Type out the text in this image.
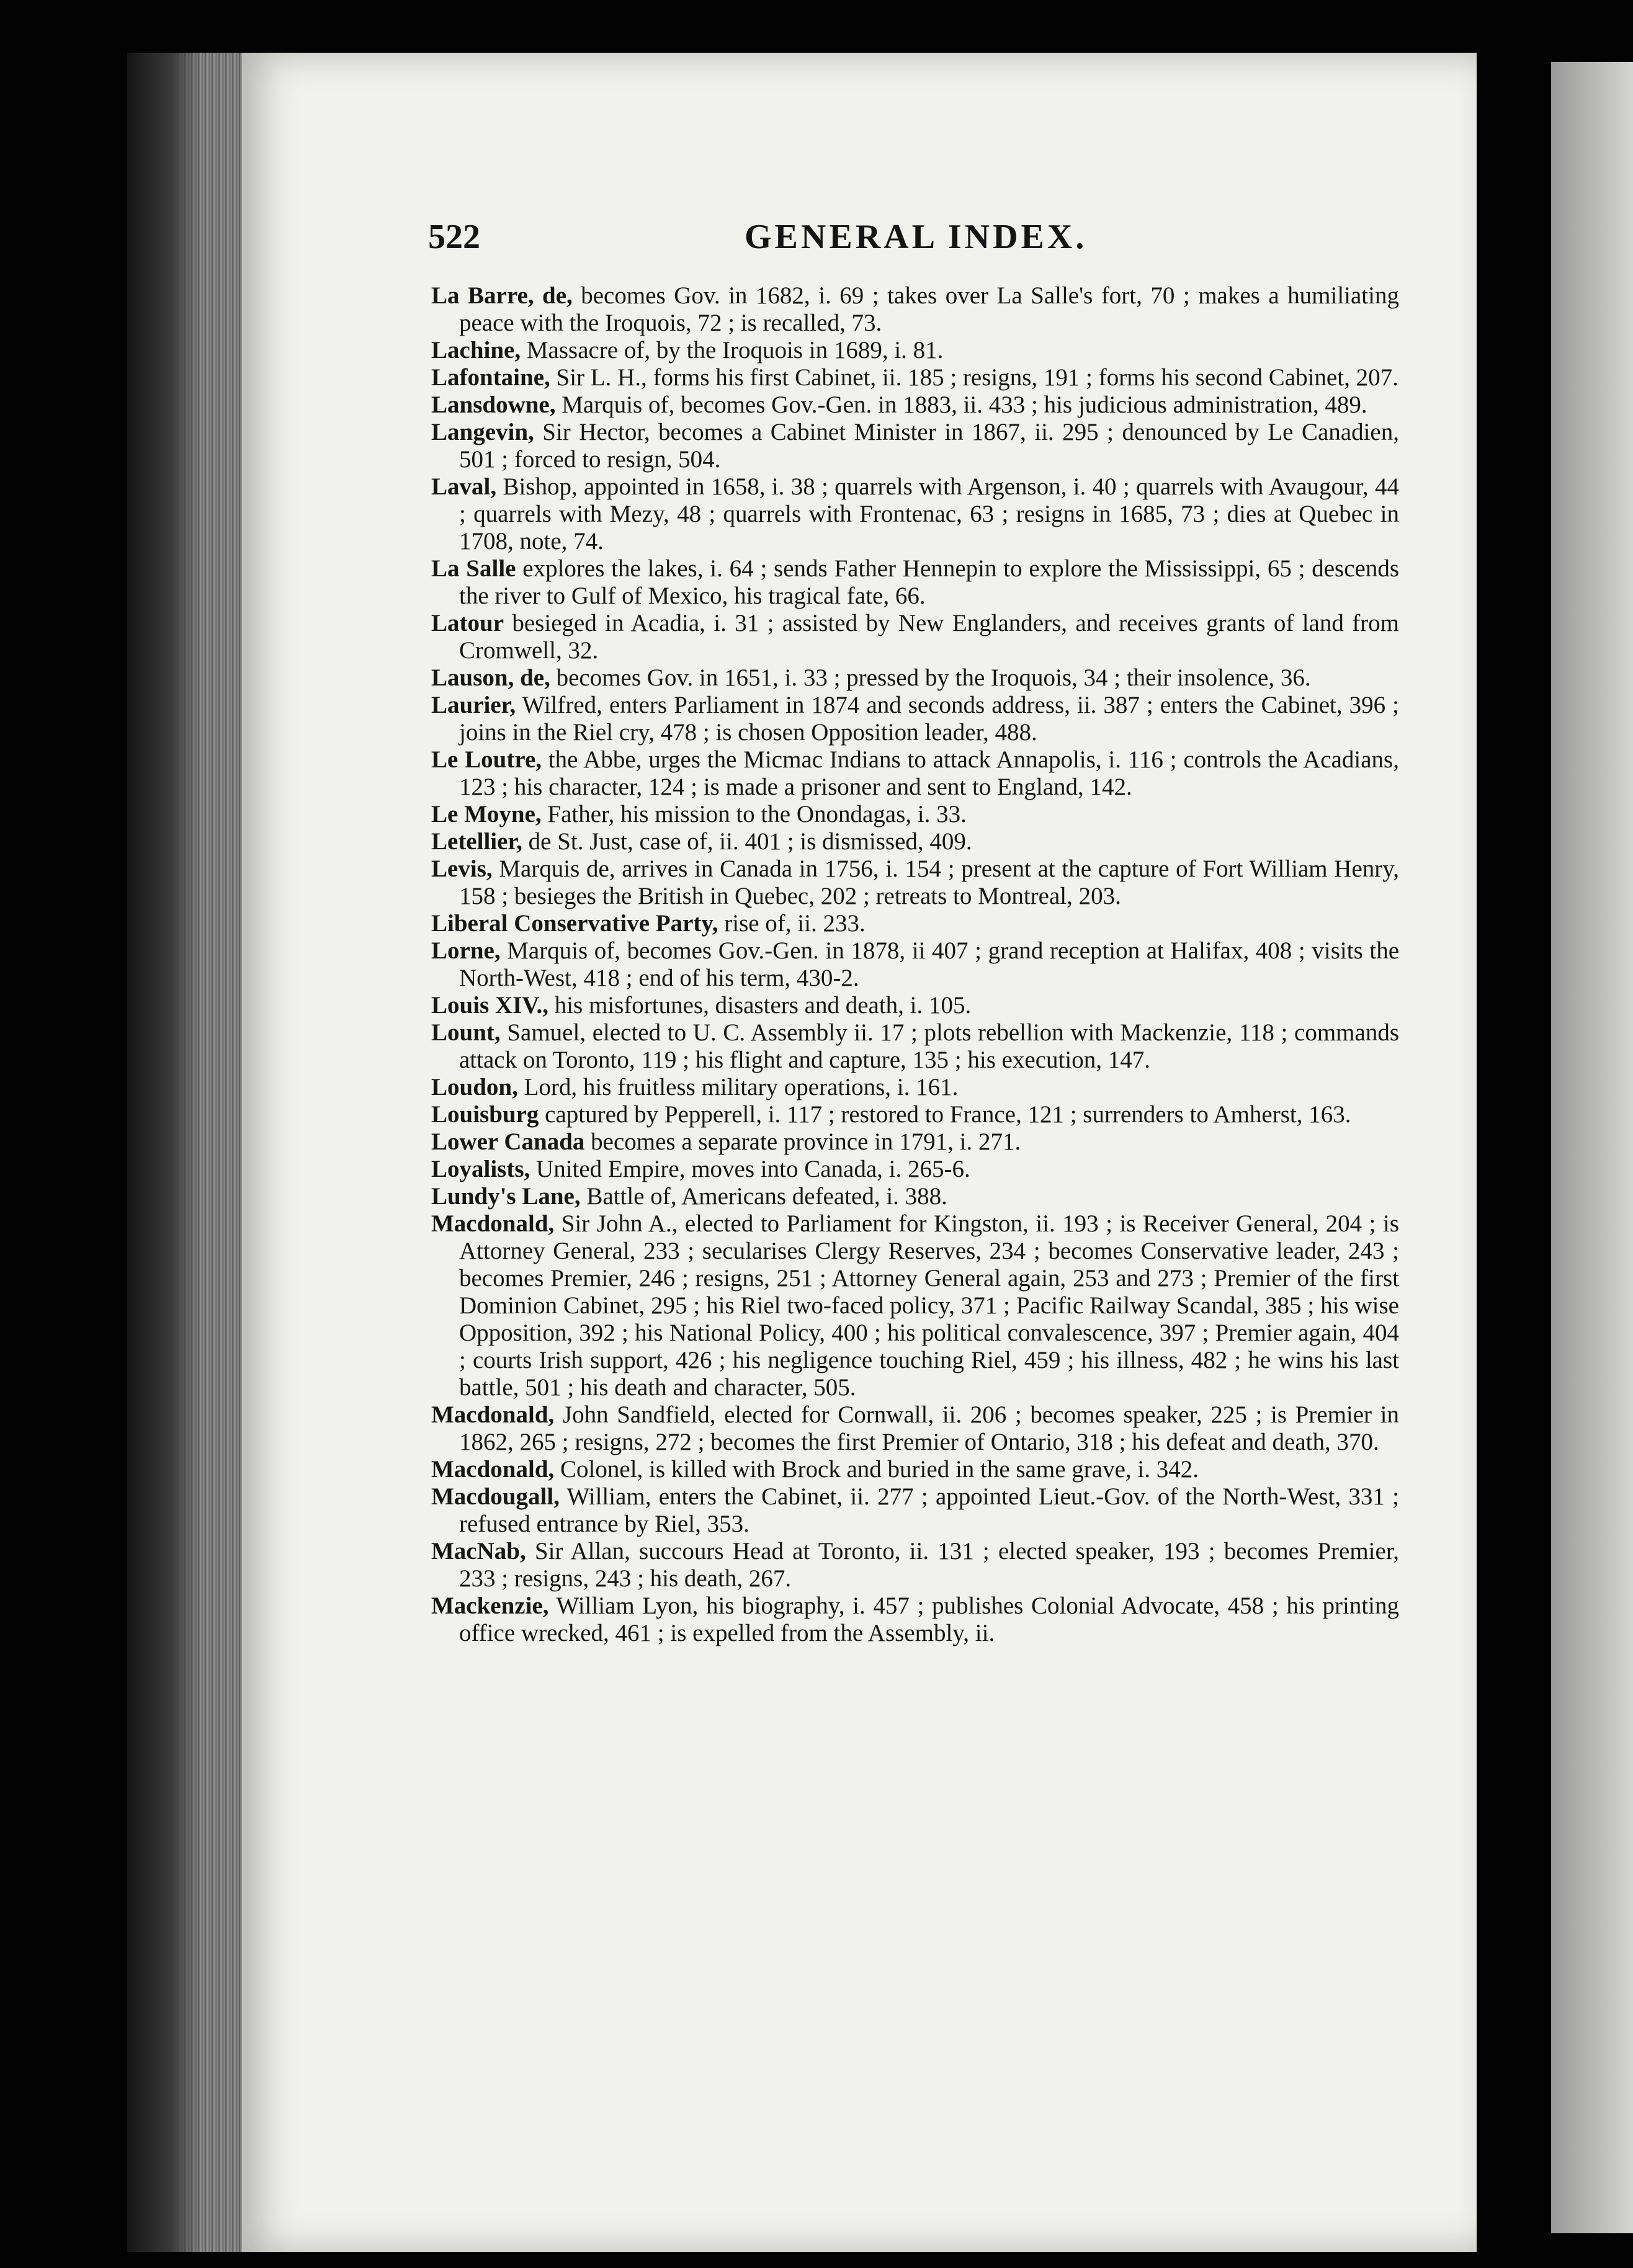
522	GENERAL INDEX.

La Barre, de, becomes Gov. in 1682, i. 69 ; takes over La Salle's fort, 70 ; makes a humiliating peace with the Iroquois, 72 ; is recalled, 73.

Lachine, Massacre of, by the Iroquois in 1689, i. 81.

Lafontaine, Sir L. H., forms his first Cabinet, ii. 185 ; resigns, 191 ; forms his second Cabinet, 207.

Lansdowne, Marquis of, becomes Gov.-Gen. in 1883, ii. 433 ; his judicious administration, 489.

Langevin, Sir Hector, becomes a Cabinet Minister in 1867, ii. 295 ; denounced by Le Canadien, 501 ; forced to resign, 504.

Laval, Bishop, appointed in 1658, i. 38 ; quarrels with Argenson, i. 40 ; quarrels with Avaugour, 44 ; quarrels with Mezy, 48 ; quarrels with Frontenac, 63 ; resigns in 1685, 73 ; dies at Quebec in 1708, note, 74.

La Salle explores the lakes, i. 64 ; sends Father Hennepin to explore the Mississippi, 65 ; descends the river to Gulf of Mexico, his tragical fate, 66.

Latour besieged in Acadia, i. 31 ; assisted by New Englanders, and receives grants of land from Cromwell, 32.

Lauson, de, becomes Gov. in 1651, i. 33 ; pressed by the Iroquois, 34 ; their insolence, 36.

Laurier, Wilfred, enters Parliament in 1874 and seconds address, ii. 387 ; enters the Cabinet, 396 ; joins in the Riel cry, 478 ; is chosen Opposition leader, 488.

Le Loutre, the Abbe, urges the Micmac Indians to attack Annapolis, i. 116 ; controls the Acadians, 123 ; his character, 124 ; is made a prisoner and sent to England, 142.

Le Moyne, Father, his mission to the Onondagas, i. 33.

Letellier, de St. Just, case of, ii. 401 ; is dismissed, 409.

Levis, Marquis de, arrives in Canada in 1756, i. 154 ; present at the capture of Fort William Henry, 158 ; besieges the British in Quebec, 202 ; retreats to Montreal, 203.

Liberal Conservative Party, rise of, ii. 233.

Lorne, Marquis of, becomes Gov.-Gen. in 1878, ii 407 ; grand reception at Halifax, 408 ; visits the North-West, 418 ; end of his term, 430-2.

Louis XIV., his misfortunes, disasters and death, i. 105.

Lount, Samuel, elected to U. C. Assembly ii. 17 ; plots rebellion with Mackenzie, 118 ; commands attack on Toronto, 119 ; his flight and capture, 135 ; his execution, 147.

Loudon, Lord, his fruitless military operations, i. 161.

Louisburg captured by Pepperell, i. 117 ; restored to France, 121 ; surrenders to Amherst, 163.

Lower Canada becomes a separate province in 1791, i. 271.

Loyalists, United Empire, moves into Canada, i. 265-6.

Lundy's Lane, Battle of, Americans defeated, i. 388.

Macdonald, Sir John A., elected to Parliament for Kingston, ii. 193 ; is Receiver General, 204 ; is Attorney General, 233 ; secularises Clergy Reserves, 234 ; becomes Conservative leader, 243 ; becomes Premier, 246 ; resigns, 251 ; Attorney General again, 253 and 273 ; Premier of the first Dominion Cabinet, 295 ; his Riel two-faced policy, 371 ; Pacific Railway Scandal, 385 ; his wise Opposition, 392 ; his National Policy, 400 ; his political convalescence, 397 ; Premier again, 404 ; courts Irish support, 426 ; his negligence touching Riel, 459 ; his illness, 482 ; he wins his last battle, 501 ; his death and character, 505.

Macdonald, John Sandfield, elected for Cornwall, ii. 206 ; becomes speaker, 225 ; is Premier in 1862, 265 ; resigns, 272 ; becomes the first Premier of Ontario, 318 ; his defeat and death, 370.

Macdonald, Colonel, is killed with Brock and buried in the same grave, i. 342.

Macdougall, William, enters the Cabinet, ii. 277 ; appointed Lieut.-Gov. of the North-West, 331 ; refused entrance by Riel, 353.

MacNab, Sir Allan, succours Head at Toronto, ii. 131 ; elected speaker, 193 ; becomes Premier, 233 ; resigns, 243 ; his death, 267.

Mackenzie, William Lyon, his biography, i. 457 ; publishes Colonial Advocate, 458 ; his printing office wrecked, 461 ; is expelled from the Assembly, ii.
